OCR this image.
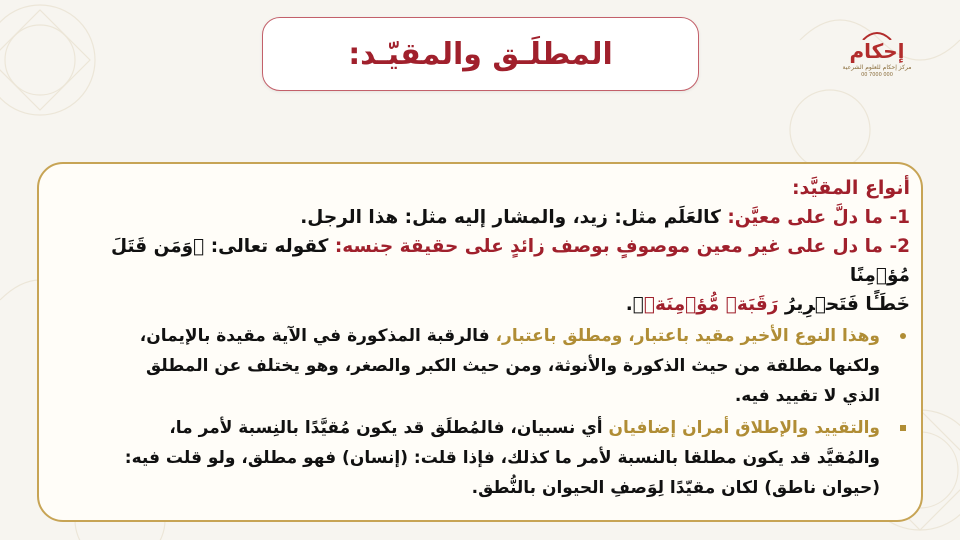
المطلَـق والمقيّـد:	إحكام
مركز إحكام للعلوم الشرعية
00 7000 000
أنواع المقيَّد:
1- ما دلَّ على معيَّن: كالعَلَم مثل: زيد، والمشار إليه مثل: هذا الرجل.
2- ما دل على غير معين موصوفٍ بوصف زائدٍ على حقيقة جنسه: كقوله تعالى: ﴿وَمَن قَتَلَ مُؤۡمِنًا
خَطَـًٔا فَتَحۡرِيرُ رَقَبَةٖ مُّؤۡمِنَةٖ﴾.
وهذا النوع الأخير مقيد باعتبار، ومطلق باعتبار، فالرقبة المذكورة في الآية مقيدة بالإيمان،
ولكنها مطلقة من حيث الذكورة والأنوثة، ومن حيث الكبر والصغر، وهو يختلف عن المطلق
الذي لا تقييد فيه.
والتقييد والإطلاق أمران إضافيان أي نسبيان، فالمُطلَق قد يكون مُقيَّدًا بالنِسبة لأمر ما،
والمُقيَّد قد يكون مطلقا بالنسبة لأمر ما كذلك، فإذا قلت: (إنسان) فهو مطلق، ولو قلت فيه:
(حيوان ناطق) لكان مقيّدًا لِوَصفِ الحيوان بالنُّطق.
